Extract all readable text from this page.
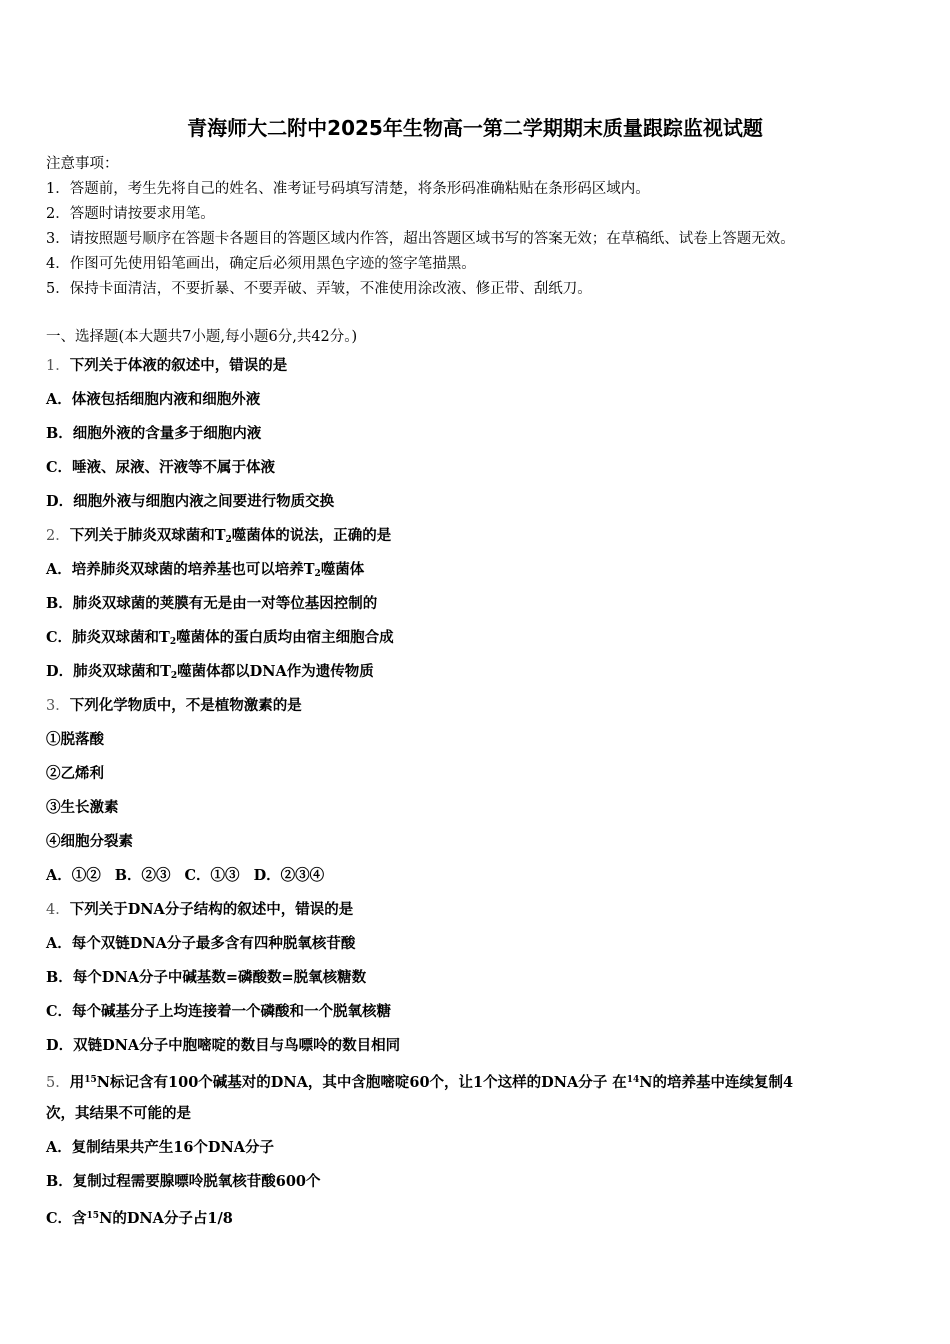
青海师大二附中2025年生物高一第二学期期末质量跟踪监视试题
注意事项：
1．答题前，考生先将自己的姓名、准考证号码填写清楚，将条形码准确粘贴在条形码区域内。
2．答题时请按要求用笔。
3．请按照题号顺序在答题卡各题目的答题区域内作答，超出答题区域书写的答案无效；在草稿纸、试卷上答题无效。
4．作图可先使用铅笔画出，确定后必须用黑色字迹的签字笔描黑。
5．保持卡面清洁，不要折暴、不要弄破、弄皱，不准使用涂改液、修正带、刮纸刀。
一、选择题(本大题共7小题,每小题6分,共42分。)
1．下列关于体液的叙述中，错误的是
A．体液包括细胞内液和细胞外液
B．细胞外液的含量多于细胞内液
C．唾液、尿液、汗液等不属于体液
D．细胞外液与细胞内液之间要进行物质交换
2．下列关于肺炎双球菌和$T_2$噬菌体的说法，正确的是
A．培养肺炎双球菌的培养基也可以培养$T_2$噬菌体
B．肺炎双球菌的荚膜有无是由一对等位基因控制的
C．肺炎双球菌和$T_2$噬菌体的蛋白质均由宿主细胞合成
D．肺炎双球菌和$T_2$噬菌体都以DNA作为遗传物质
3．下列化学物质中，不是植物激素的是
①脱落酸
②乙烯利
③生长激素
④细胞分裂素
A．①② B．②③ C．①③ D．②③④
4．下列关于DNA分子结构的叙述中，错误的是
A．每个双链DNA分子最多含有四种脱氧核苷酸
B．每个DNA分子中碱基数=磷酸数=脱氧核糖数
C．每个碱基分子上均连接着一个磷酸和一个脱氧核糖
D．双链DNA分子中胞嘧啶的数目与鸟嘌呤的数目相同
5．用$^{15}$N标记含有100个碱基对的DNA，其中含胞嘧啶60个，让1个这样的DNA分子 在$^{14}$N的培养基中连续复制4
次，其结果不可能的是
A．复制结果共产生16个DNA分子
B．复制过程需要腺嘌呤脱氧核苷酸600个
C．含$^{15}$N的DNA分子占1/8
